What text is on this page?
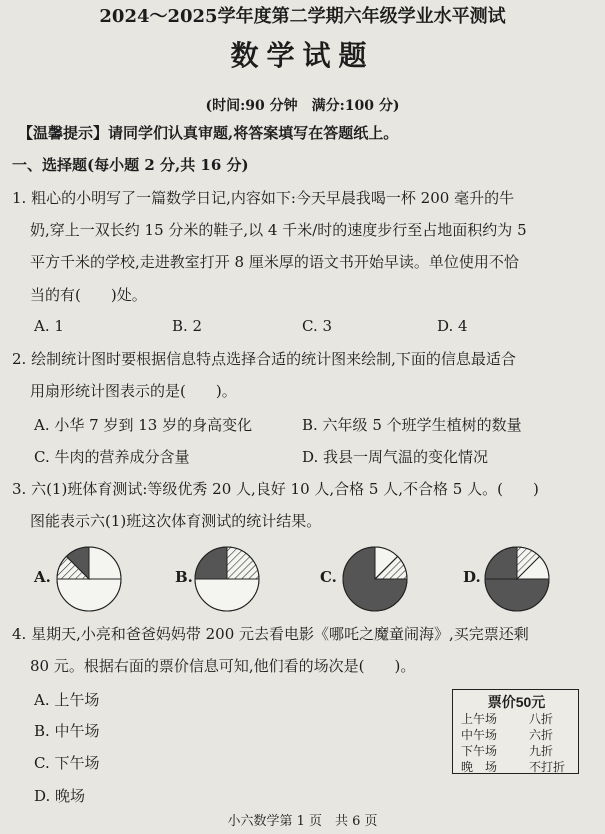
2024～2025学年度第二学期六年级学业水平测试
数学试题
(时间:90 分钟　满分:100 分)
【温馨提示】请同学们认真审题,将答案填写在答题纸上。
一、选择题(每小题 2 分,共 16 分)
1. 粗心的小明写了一篇数学日记,内容如下:今天早晨我喝一杯 200 毫升的牛
奶,穿上一双长约 15 分米的鞋子,以 4 千米/时的速度步行至占地面积约为 5
平方千米的学校,走进教室打开 8 厘米厚的语文书开始早读。单位使用不恰
当的有(　　)处。
A. 1	B. 2	C. 3	D. 4
2. 绘制统计图时要根据信息特点选择合适的统计图来绘制,下面的信息最适合
用扇形统计图表示的是(　　)。
A. 小华 7 岁到 13 岁的身高变化	B. 六年级 5 个班学生植树的数量
C. 牛肉的营养成分含量	D. 我县一周气温的变化情况
3. 六(1)班体育测试:等级优秀 20 人,良好 10 人,合格 5 人,不合格 5 人。(　　)
图能表示六(1)班这次体育测试的统计结果。
A.	B.	C.	D.
4. 星期天,小亮和爸爸妈妈带 200 元去看电影《哪吒之魔童闹海》,买完票还剩
80 元。根据右面的票价信息可知,他们看的场次是(　　)。
A. 上午场
B. 中午场
C. 下午场
D. 晚场
票价50元
上午场	八折
中午场	六折
下午场	九折
晚　场	不打折
小六数学第 1 页　共 6 页
